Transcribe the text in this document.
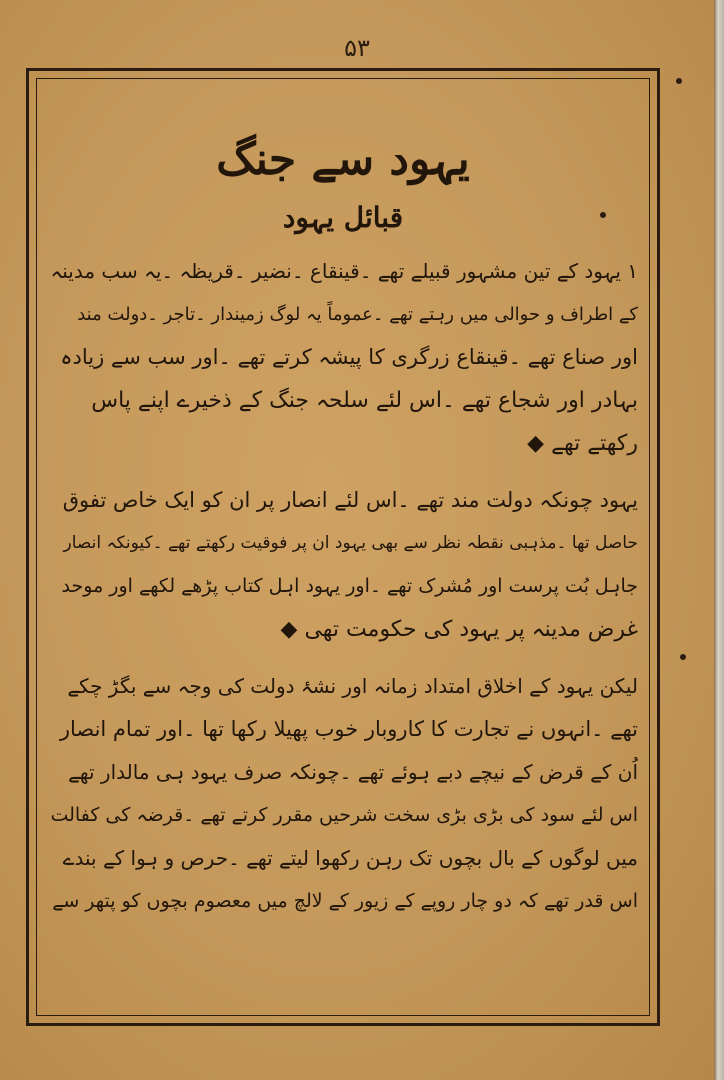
۵۳
یہود سے جنگ
قبائل یہود
۱ یہود کے تین مشہور قبیلے تھے ۔قینقاع ۔نضیر ۔قریظہ ۔یہ سب مدینہ
کے اطراف و حوالی میں رہتے تھے ۔عموماً یہ لوگ زمیندار ۔تاجر ۔دولت مند
اور صناع تھے ۔قینقاع زرگری کا پیشہ کرتے تھے ۔اور سب سے زیادہ
بہادر اور شجاع تھے ۔اس لئے سلحہ جنگ کے ذخیرے اپنے پاس
رکھتے تھے ◆
یہود چونکہ دولت مند تھے ۔اس لئے انصار پر ان کو ایک خاص تفوق
حاصل تھا ۔مذہبی نقطہ نظر سے بھی یہود ان پر فوقیت رکھتے تھے ۔کیونکہ انصار
جاہل بُت پرست اور مُشرک تھے ۔اور یہود اہل کتاب پڑھے لکھے اور موحد
غرض مدینہ پر یہود کی حکومت تھی ◆
لیکن یہود کے اخلاق امتداد زمانہ اور نشۂ دولت کی وجہ سے بگڑ چکے
تھے ۔انہوں نے تجارت کا کاروبار خوب پھیلا رکھا تھا ۔اور تمام انصار
اُن کے قرض کے نیچے دبے ہوئے تھے ۔چونکہ صرف یہود ہی مالدار تھے
اس لئے سود کی بڑی بڑی سخت شرحیں مقرر کرتے تھے ۔قرضہ کی کفالت
میں لوگوں کے بال بچوں تک رہن رکھوا لیتے تھے ۔حرص و ہوا کے بندے
اس قدر تھے کہ دو چار روپے کے زیور کے لالچ میں معصوم بچوں کو پتھر سے
